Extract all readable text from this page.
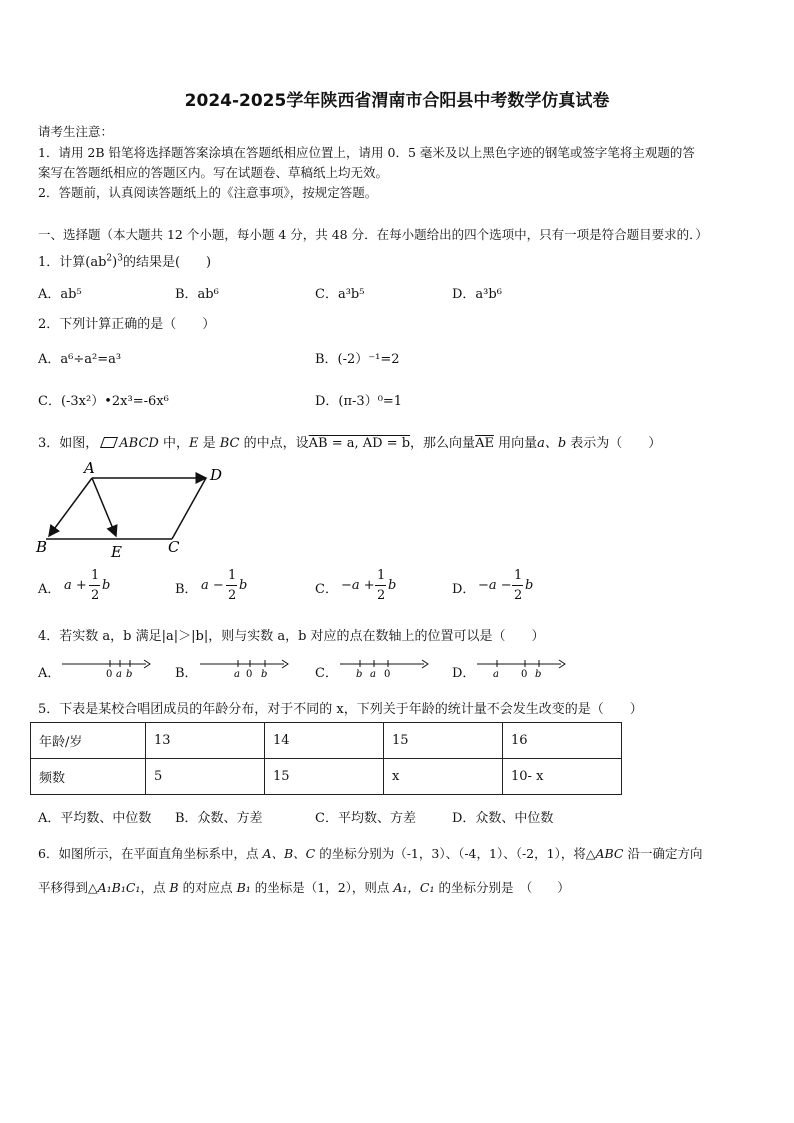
2024-2025学年陕西省渭南市合阳县中考数学仿真试卷
请考生注意：
1．请用 2B 铅笔将选择题答案涂填在答题纸相应位置上，请用 0．5 毫米及以上黑色字迹的钢笔或签字笔将主观题的答
案写在答题纸相应的答题区内。写在试题卷、草稿纸上均无效。
2．答题前，认真阅读答题纸上的《注意事项》，按规定答题。
一、选择题（本大题共 12 个小题，每小题 4 分，共 48 分．在每小题给出的四个选项中，只有一项是符合题目要求的．）
1．计算$(ab^2)^3$的结果是(　　)
A．ab⁵	B．ab⁶	C．a³b⁵	D．a³b⁶
2．下列计算正确的是（　　）
A．a⁶÷a²=a³	B．(-2）⁻¹=2
C．(-3x²）•2x³=-6x⁶	D．(π-3）⁰=1
3．如图， ABCD 中，E 是 BC 的中点，设AB = a, AD = b，那么向量$\overline{AE}$ 用向量a、b 表示为（　　）
A	D
B	E	C
A． a +
1
2
b	B． a −
1
2
b	C． −a +
1
2
b	D． −a −
1
2
b
4．若实数 a，b 满足|a|＞|b|，则与实数 a，b 对应的点在数轴上的位置可以是（　　）
A．	B．	C．	D．
0 a b	a 0 b	b a 0	a 0 b
5．下表是某校合唱团成员的年龄分布，对于不同的 x，下列关于年龄的统计量不会发生改变的是（　　）
年龄/岁	13	14	15	16
频数	5	15	x	10- x
A．平均数、中位数 B．众数、方差	C．平均数、方差	D．众数、中位数
6．如图所示，在平面直角坐标系中，点 A、B、C 的坐标分别为（-1，3）、（-4，1）、（-2，1），将△ABC 沿一确定方向
平移得到△A₁B₁C₁，点 B 的对应点 B₁ 的坐标是（1，2），则点 A₁，C₁ 的坐标分别是　（　　）
